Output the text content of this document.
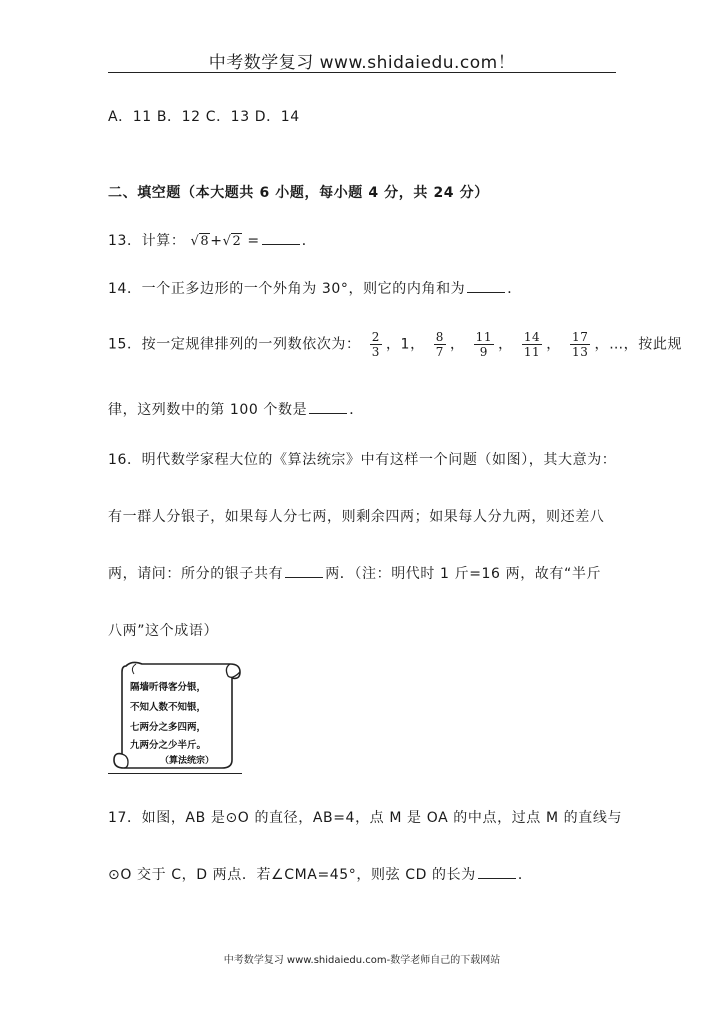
中考数学复习 www.shidaiedu.com！
A．11 B．12 C．13 D．14
二、填空题（本大题共 6 小题，每小题 4 分，共 24 分）
13．计算： √8+√2 =	．
14．一个正多边形的一个外角为 30°，则它的内角和为	．
15．按一定规律排列的一列数依次为： $\frac{2}{3}$ ，1， $\frac{8}{7}$ ， $\frac{11}{9}$ ， $\frac{14}{11}$ ， $\frac{17}{13}$ ，…，按此规
律，这列数中的第 100 个数是	．
16．明代数学家程大位的《算法统宗》中有这样一个问题（如图），其大意为：
有一群人分银子，如果每人分七两，则剩余四两；如果每人分九两，则还差八
两，请问：所分的银子共有	两．（注：明代时 1 斤=16 两，故有“半斤
八两”这个成语）
隔墙听得客分银，
不知人数不知银，
七两分之多四两，
九两分之少半斤。
（算法统宗）
17．如图，AB 是⊙O 的直径，AB=4，点 M 是 OA 的中点，过点 M 的直线与
⊙O 交于 C，D 两点．若∠CMA=45°，则弦 CD 的长为	．
中考数学复习 www.shidaiedu.com-数学老师自己的下载网站
